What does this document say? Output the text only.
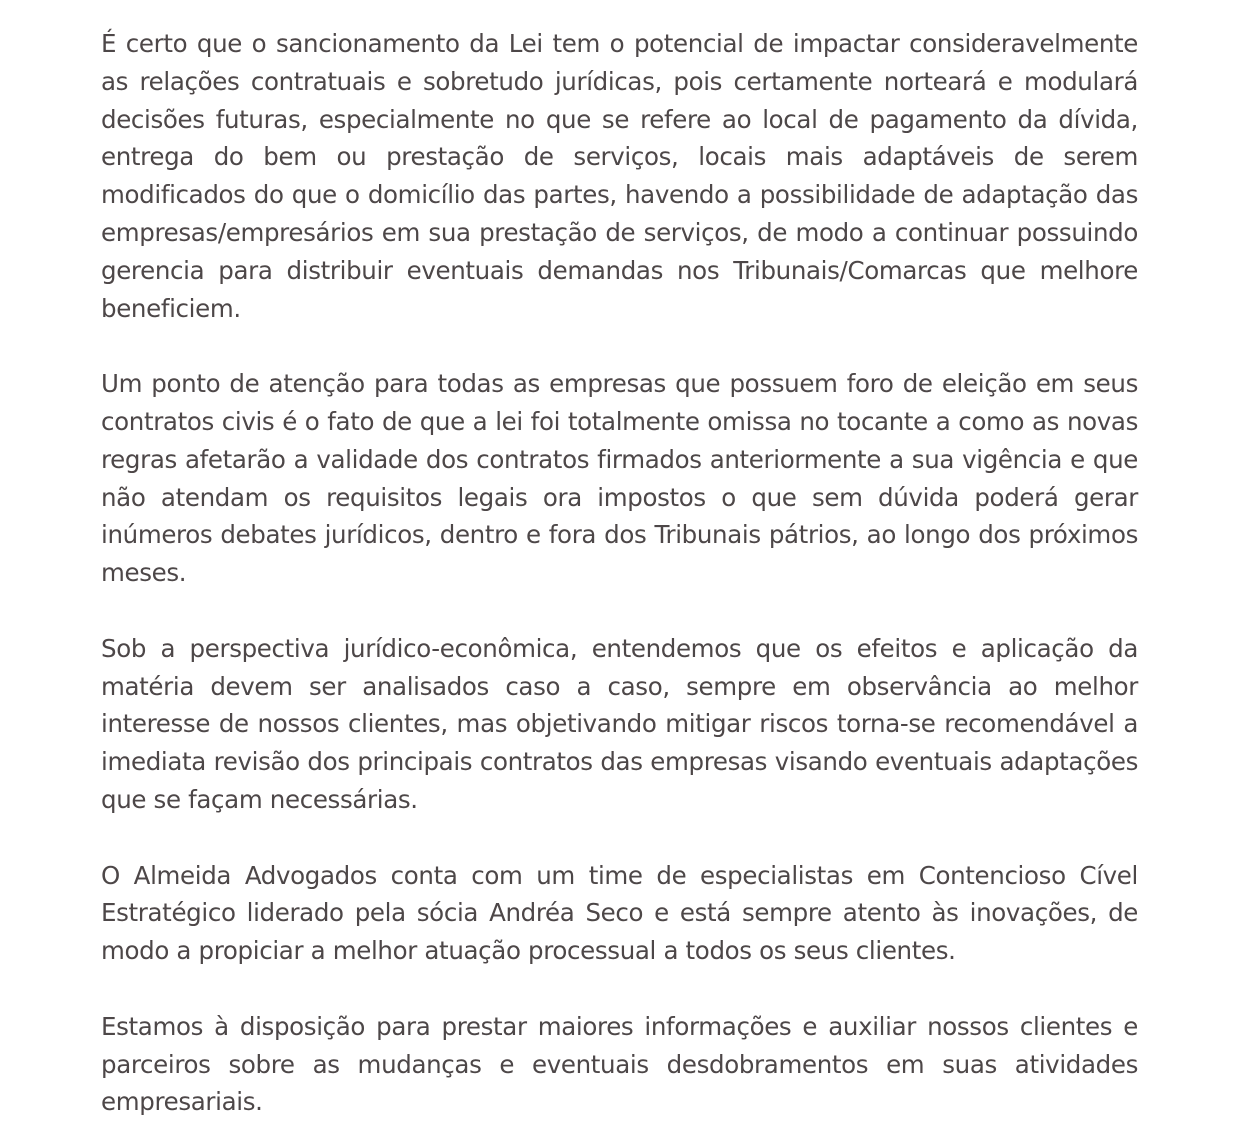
É certo que o sancionamento da Lei tem o potencial de impactar consideravelmente as relações contratuais e sobretudo jurídicas, pois certamente norteará e modulará decisões futuras, especialmente no que se refere ao local de pagamento da dívida, entrega do bem ou prestação de serviços, locais mais adaptáveis de serem modificados do que o domicílio das partes, havendo a possibilidade de adaptação das empresas/empresários em sua prestação de serviços, de modo a continuar possuindo gerencia para distribuir eventuais demandas nos Tribunais/Comarcas que melhore beneficiem.

Um ponto de atenção para todas as empresas que possuem foro de eleição em seus contratos civis é o fato de que a lei foi totalmente omissa no tocante a como as novas regras afetarão a validade dos contratos firmados anteriormente a sua vigência e que não atendam os requisitos legais ora impostos o que sem dúvida poderá gerar inúmeros debates jurídicos, dentro e fora dos Tribunais pátrios, ao longo dos próximos meses.

Sob a perspectiva jurídico-econômica, entendemos que os efeitos e aplicação da matéria devem ser analisados caso a caso, sempre em observância ao melhor interesse de nossos clientes, mas objetivando mitigar riscos torna-se recomendável a imediata revisão dos principais contratos das empresas visando eventuais adaptações que se façam necessárias.

O Almeida Advogados conta com um time de especialistas em Contencioso Cível Estratégico liderado pela sócia Andréa Seco e está sempre atento às inovações, de modo a propiciar a melhor atuação processual a todos os seus clientes.

Estamos à disposição para prestar maiores informações e auxiliar nossos clientes e parceiros sobre as mudanças e eventuais desdobramentos em suas atividades empresariais.
